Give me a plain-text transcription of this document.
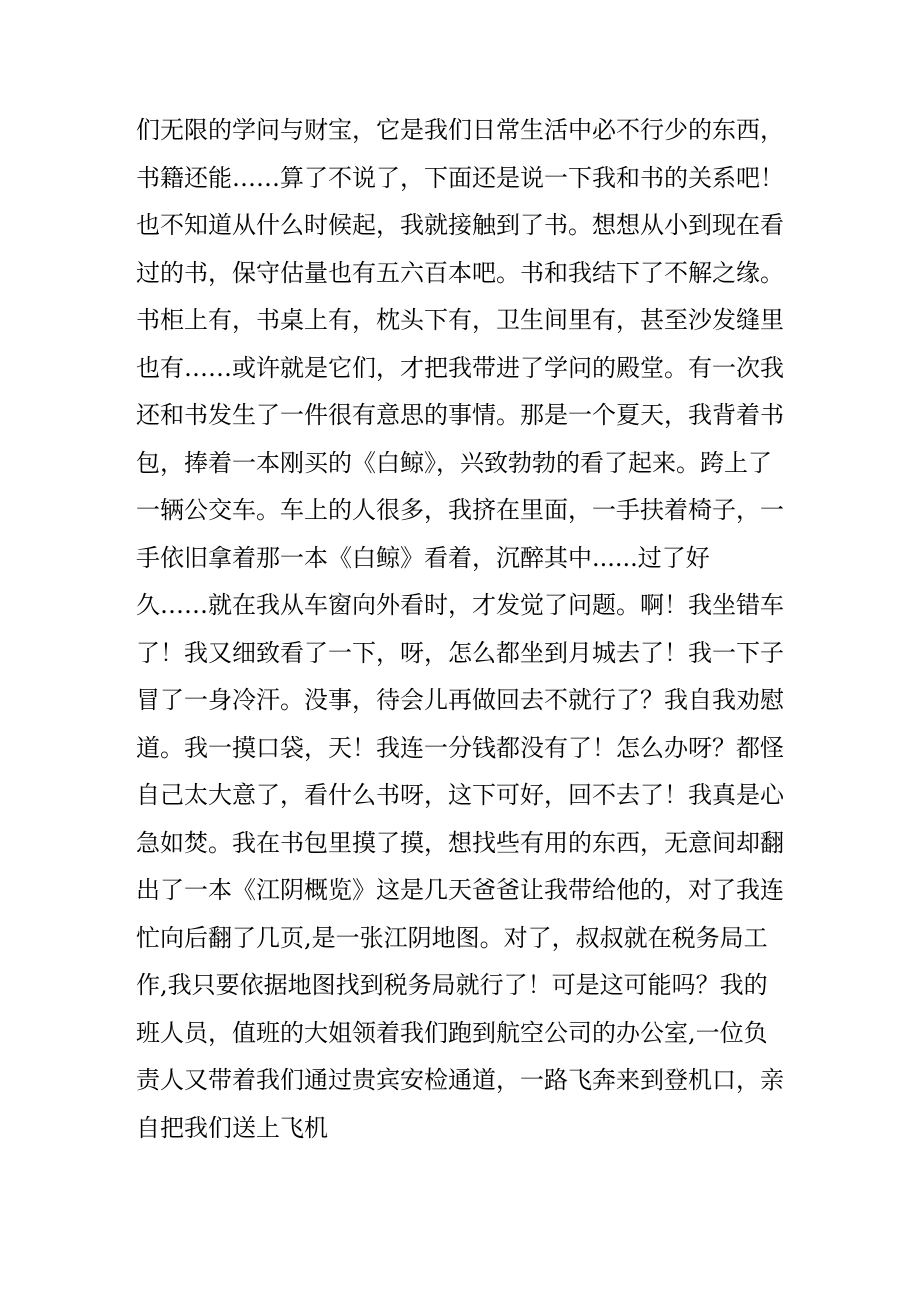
们无限的学问与财宝，它是我们日常生活中必不行少的东西，
书籍还能……算了不说了，下面还是说一下我和书的关系吧！
也不知道从什么时候起，我就接触到了书。想想从小到现在看
过的书，保守估量也有五六百本吧。书和我结下了不解之缘。
书柜上有，书桌上有，枕头下有，卫生间里有，甚至沙发缝里
也有……或许就是它们，才把我带进了学问的殿堂。有一次我
还和书发生了一件很有意思的事情。那是一个夏天，我背着书
包，捧着一本刚买的《白鲸》，兴致勃勃的看了起来。跨上了
一辆公交车。车上的人很多，我挤在里面，一手扶着椅子，一
手依旧拿着那一本《白鲸》看着，沉醉其中......过了好
久……就在我从车窗向外看时，才发觉了问题。啊！我坐错车
了！我又细致看了一下，呀，怎么都坐到月城去了！我一下子
冒了一身冷汗。没事，待会儿再做回去不就行了？我自我劝慰
道。我一摸口袋，天！我连一分钱都没有了！怎么办呀？都怪
自己太大意了，看什么书呀，这下可好，回不去了！我真是心
急如焚。我在书包里摸了摸，想找些有用的东西，无意间却翻
出了一本《江阴概览》这是几天爸爸让我带给他的，对了我连
忙向后翻了几页,是一张江阴地图。对了，叔叔就在税务局工
作,我只要依据地图找到税务局就行了！可是这可能吗？我的
班人员，值班的大姐领着我们跑到航空公司的办公室,一位负
责人又带着我们通过贵宾安检通道，一路飞奔来到登机口，亲
自把我们送上飞机
